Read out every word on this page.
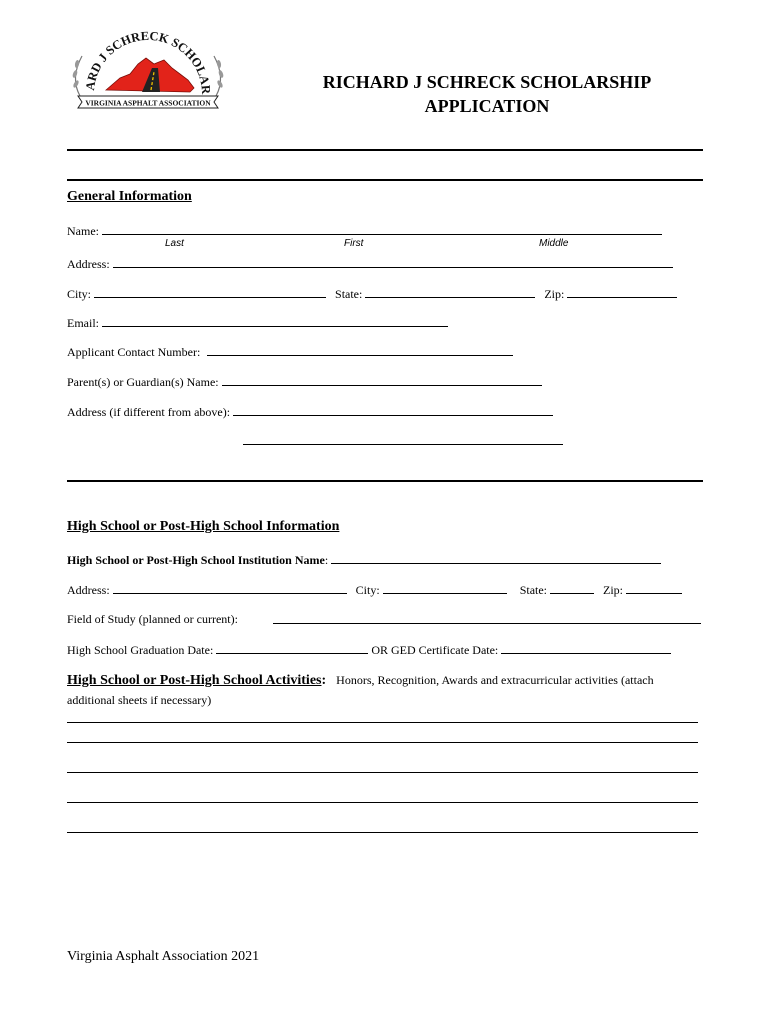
ARD J SCHRECK SCHOLAR
VIRGINIA ASPHALT ASSOCIATION
RICHARD J SCHRECK SCHOLARSHIP
APPLICATION
General Information
Name:
Last	First	Middle
Address:
City:	State:	Zip:
Email:
Applicant Contact Number:
Parent(s) or Guardian(s) Name:
Address (if different from above):
High School or Post-High School Information
High School or Post-High School Institution Name:
Address:	City:	State:	Zip:
Field of Study (planned or current):
High School Graduation Date:	OR GED Certificate Date:
High School or Post-High School Activities: Honors, Recognition, Awards and extracurricular activities (attach
additional sheets if necessary)
Virginia Asphalt Association 2021
